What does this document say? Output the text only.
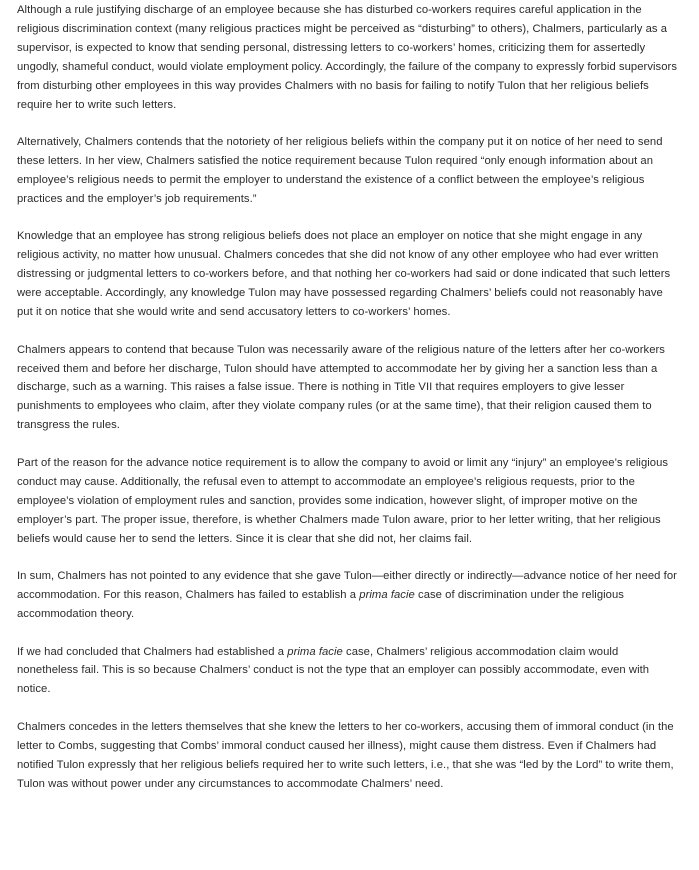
Although a rule justifying discharge of an employee because she has disturbed co-workers requires careful application in the religious discrimination context (many religious practices might be perceived as “disturbing” to others), Chalmers, particularly as a supervisor, is expected to know that sending personal, distressing letters to co-workers’ homes, criticizing them for assertedly ungodly, shameful conduct, would violate employment policy. Accordingly, the failure of the company to expressly forbid supervisors from disturbing other employees in this way provides Chalmers with no basis for failing to notify Tulon that her religious beliefs require her to write such letters.

Alternatively, Chalmers contends that the notoriety of her religious beliefs within the company put it on notice of her need to send these letters. In her view, Chalmers satisfied the notice requirement because Tulon required “only enough information about an employee’s religious needs to permit the employer to understand the existence of a conflict between the employee’s religious practices and the employer’s job requirements.”

Knowledge that an employee has strong religious beliefs does not place an employer on notice that she might engage in any religious activity, no matter how unusual. Chalmers concedes that she did not know of any other employee who had ever written distressing or judgmental letters to co-workers before, and that nothing her co-workers had said or done indicated that such letters were acceptable. Accordingly, any knowledge Tulon may have possessed regarding Chalmers’ beliefs could not reasonably have put it on notice that she would write and send accusatory letters to co-workers’ homes.

Chalmers appears to contend that because Tulon was necessarily aware of the religious nature of the letters after her co-workers received them and before her discharge, Tulon should have attempted to accommodate her by giving her a sanction less than a discharge, such as a warning. This raises a false issue. There is nothing in Title VII that requires employers to give lesser punishments to employees who claim, after they violate company rules (or at the same time), that their religion caused them to transgress the rules.

Part of the reason for the advance notice requirement is to allow the company to avoid or limit any “injury” an employee’s religious conduct may cause. Additionally, the refusal even to attempt to accommodate an employee’s religious requests, prior to the employee’s violation of employment rules and sanction, provides some indication, however slight, of improper motive on the employer’s part. The proper issue, therefore, is whether Chalmers made Tulon aware, prior to her letter writing, that her religious beliefs would cause her to send the letters. Since it is clear that she did not, her claims fail.

In sum, Chalmers has not pointed to any evidence that she gave Tulon—either directly or indirectly—advance notice of her need for accommodation. For this reason, Chalmers has failed to establish a prima facie case of discrimination under the religious accommodation theory.

If we had concluded that Chalmers had established a prima facie case, Chalmers’ religious accommodation claim would nonetheless fail. This is so because Chalmers’ conduct is not the type that an employer can possibly accommodate, even with notice.

Chalmers concedes in the letters themselves that she knew the letters to her co-workers, accusing them of immoral conduct (in the letter to Combs, suggesting that Combs’ immoral conduct caused her illness), might cause them distress. Even if Chalmers had notified Tulon expressly that her religious beliefs required her to write such letters, i.e., that she was “led by the Lord” to write them, Tulon was without power under any circumstances to accommodate Chalmers’ need.
